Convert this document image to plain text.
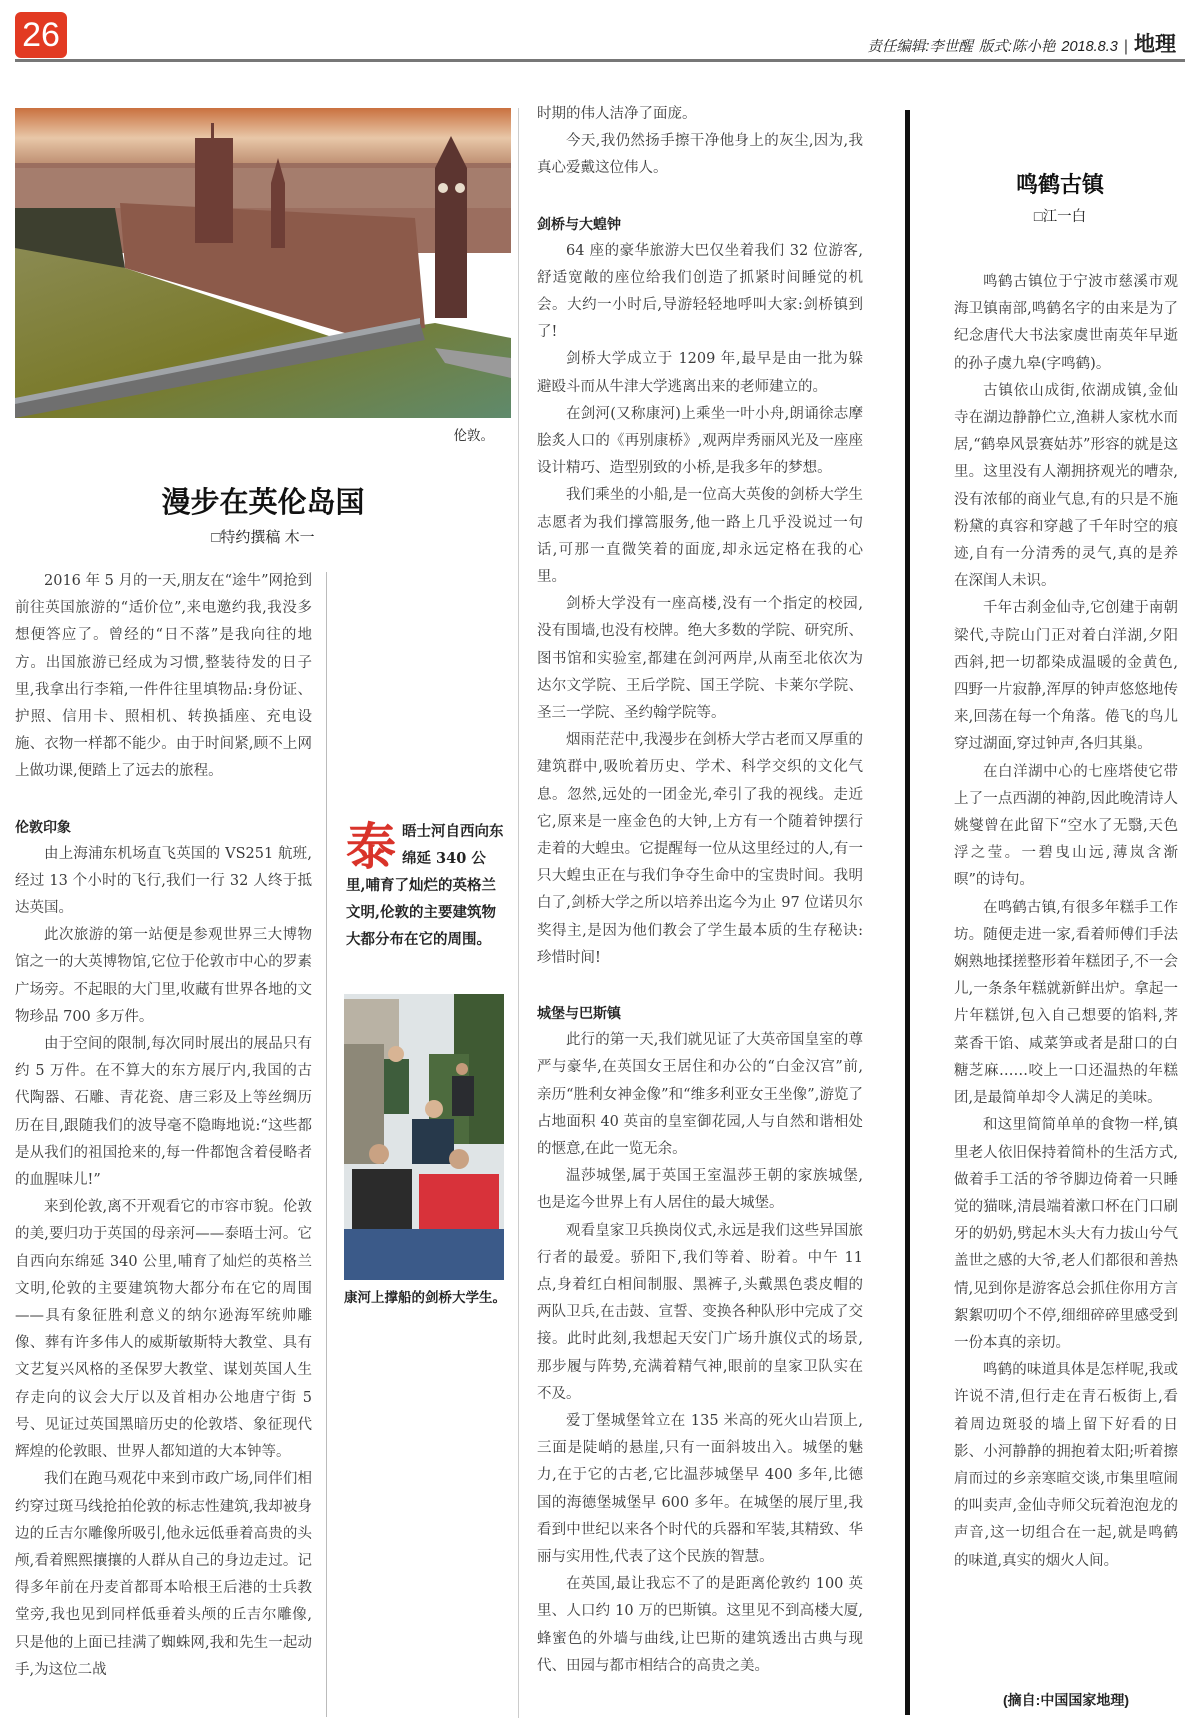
26	责任编辑:李世醒 版式:陈小艳 2018.8.3 | 地理
伦敦。
漫步在英伦岛国
□特约撰稿 木一

2016 年 5 月的一天,朋友在“途牛”网抢到前往英国旅游的“适价位”,来电邀约我,我没多想便答应了。曾经的“日不落”是我向往的地方。出国旅游已经成为习惯,整装待发的日子里,我拿出行李箱,一件件往里填物品:身份证、护照、信用卡、照相机、转换插座、充电设施、衣物一样都不能少。由于时间紧,顾不上网上做功课,便踏上了远去的旅程。

伦敦印象

由上海浦东机场直飞英国的 VS251 航班,经过 13 个小时的飞行,我们一行 32 人终于抵达英国。

此次旅游的第一站便是参观世界三大博物馆之一的大英博物馆,它位于伦敦市中心的罗素广场旁。不起眼的大门里,收藏有世界各地的文物珍品 700 多万件。

由于空间的限制,每次同时展出的展品只有约 5 万件。在不算大的东方展厅内,我国的古代陶器、石雕、青花瓷、唐三彩及上等丝绸历历在目,跟随我们的波导毫不隐晦地说:“这些都是从我们的祖国抢来的,每一件都饱含着侵略者的血腥味儿!”

来到伦敦,离不开观看它的市容市貌。伦敦的美,要归功于英国的母亲河——泰晤士河。它自西向东绵延 340 公里,哺育了灿烂的英格兰文明,伦敦的主要建筑物大都分布在它的周围——具有象征胜利意义的纳尔逊海军统帅雕像、葬有许多伟人的威斯敏斯特大教堂、具有文艺复兴风格的圣保罗大教堂、谋划英国人生存走向的议会大厅以及首相办公地唐宁街 5 号、见证过英国黑暗历史的伦敦塔、象征现代辉煌的伦敦眼、世界人都知道的大本钟等。

我们在跑马观花中来到市政广场,同伴们相约穿过斑马线抢拍伦敦的标志性建筑,我却被身边的丘吉尔雕像所吸引,他永远低垂着高贵的头颅,看着熙熙攘攘的人群从自己的身边走过。记得多年前在丹麦首都哥本哈根王后港的士兵教堂旁,我也见到同样低垂着头颅的丘吉尔雕像,只是他的上面已挂满了蜘蛛网,我和先生一起动手,为这位二战

泰 晤士河自西向东绵延 340 公里,哺育了灿烂的英格兰文明,伦敦的主要建筑物大都分布在它的周围。
康河上撑船的剑桥大学生。

时期的伟人洁净了面庞。

今天,我仍然扬手擦干净他身上的灰尘,因为,我真心爱戴这位伟人。

剑桥与大蝗钟

64 座的豪华旅游大巴仅坐着我们 32 位游客,舒适宽敞的座位给我们创造了抓紧时间睡觉的机会。大约一小时后,导游轻轻地呼叫大家:剑桥镇到了!

剑桥大学成立于 1209 年,最早是由一批为躲避殴斗而从牛津大学逃离出来的老师建立的。

在剑河(又称康河)上乘坐一叶小舟,朗诵徐志摩脍炙人口的《再别康桥》,观两岸秀丽风光及一座座设计精巧、造型别致的小桥,是我多年的梦想。

我们乘坐的小船,是一位高大英俊的剑桥大学生志愿者为我们撑篙服务,他一路上几乎没说过一句话,可那一直微笑着的面庞,却永远定格在我的心里。

剑桥大学没有一座高楼,没有一个指定的校园,没有围墙,也没有校牌。绝大多数的学院、研究所、图书馆和实验室,都建在剑河两岸,从南至北依次为达尔文学院、王后学院、国王学院、卡莱尔学院、圣三一学院、圣约翰学院等。

烟雨茫茫中,我漫步在剑桥大学古老而又厚重的建筑群中,吸吮着历史、学术、科学交织的文化气息。忽然,远处的一团金光,牵引了我的视线。走近它,原来是一座金色的大钟,上方有一个随着钟摆行走着的大蝗虫。它提醒每一位从这里经过的人,有一只大蝗虫正在与我们争夺生命中的宝贵时间。我明白了,剑桥大学之所以培养出迄今为止 97 位诺贝尔奖得主,是因为他们教会了学生最本质的生存秘诀:珍惜时间!

城堡与巴斯镇

此行的第一天,我们就见证了大英帝国皇室的尊严与豪华,在英国女王居住和办公的“白金汉宫”前,亲历“胜利女神金像”和“维多利亚女王坐像”,游览了占地面积 40 英亩的皇室御花园,人与自然和谐相处的惬意,在此一览无余。

温莎城堡,属于英国王室温莎王朝的家族城堡,也是迄今世界上有人居住的最大城堡。

观看皇家卫兵换岗仪式,永远是我们这些异国旅行者的最爱。骄阳下,我们等着、盼着。中午 11 点,身着红白相间制服、黑裤子,头戴黑色裘皮帽的两队卫兵,在击鼓、宣誓、变换各种队形中完成了交接。此时此刻,我想起天安门广场升旗仪式的场景,那步履与阵势,充满着精气神,眼前的皇家卫队实在不及。

爱丁堡城堡耸立在 135 米高的死火山岩顶上,三面是陡峭的悬崖,只有一面斜坡出入。城堡的魅力,在于它的古老,它比温莎城堡早 400 多年,比德国的海德堡城堡早 600 多年。在城堡的展厅里,我看到中世纪以来各个时代的兵器和军装,其精致、华丽与实用性,代表了这个民族的智慧。

在英国,最让我忘不了的是距离伦敦约 100 英里、人口约 10 万的巴斯镇。这里见不到高楼大厦,蜂蜜色的外墙与曲线,让巴斯的建筑透出古典与现代、田园与都市相结合的高贵之美。

鸣鹤古镇
□江一白

鸣鹤古镇位于宁波市慈溪市观海卫镇南部,鸣鹤名字的由来是为了纪念唐代大书法家虞世南英年早逝的孙子虞九皋(字鸣鹤)。

古镇依山成街,依湖成镇,金仙寺在湖边静静伫立,渔耕人家枕水而居,“鹤皋风景赛姑苏”形容的就是这里。这里没有人潮拥挤观光的嘈杂,没有浓郁的商业气息,有的只是不施粉黛的真容和穿越了千年时空的痕迹,自有一分清秀的灵气,真的是养在深闺人未识。

千年古刹金仙寺,它创建于南朝梁代,寺院山门正对着白洋湖,夕阳西斜,把一切都染成温暖的金黄色,四野一片寂静,浑厚的钟声悠悠地传来,回荡在每一个角落。倦飞的鸟儿穿过湖面,穿过钟声,各归其巢。

在白洋湖中心的七座塔使它带上了一点西湖的神韵,因此晚清诗人姚燮曾在此留下“空水了无翳,天色浮之莹。一碧曳山远,薄岚含渐暝”的诗句。

在鸣鹤古镇,有很多年糕手工作坊。随便走进一家,看着师傅们手法娴熟地揉搓整形着年糕团子,不一会儿,一条条年糕就新鲜出炉。拿起一片年糕饼,包入自己想要的馅料,荠菜香干馅、咸菜笋或者是甜口的白糖芝麻……咬上一口还温热的年糕团,是最简单却令人满足的美味。

和这里简简单单的食物一样,镇里老人依旧保持着简朴的生活方式,做着手工活的爷爷脚边倚着一只睡觉的猫咪,清晨端着漱口杯在门口刷牙的奶奶,劈起木头大有力拔山兮气盖世之感的大爷,老人们都很和善热情,见到你是游客总会抓住你用方言絮絮叨叨个不停,细细碎碎里感受到一份本真的亲切。

鸣鹤的味道具体是怎样呢,我或许说不清,但行走在青石板街上,看着周边斑驳的墙上留下好看的日影、小河静静的拥抱着太阳;听着擦肩而过的乡亲寒暄交谈,市集里喧闹的叫卖声,金仙寺师父玩着泡泡龙的声音,这一切组合在一起,就是鸣鹤的味道,真实的烟火人间。

(摘自:中国国家地理)
